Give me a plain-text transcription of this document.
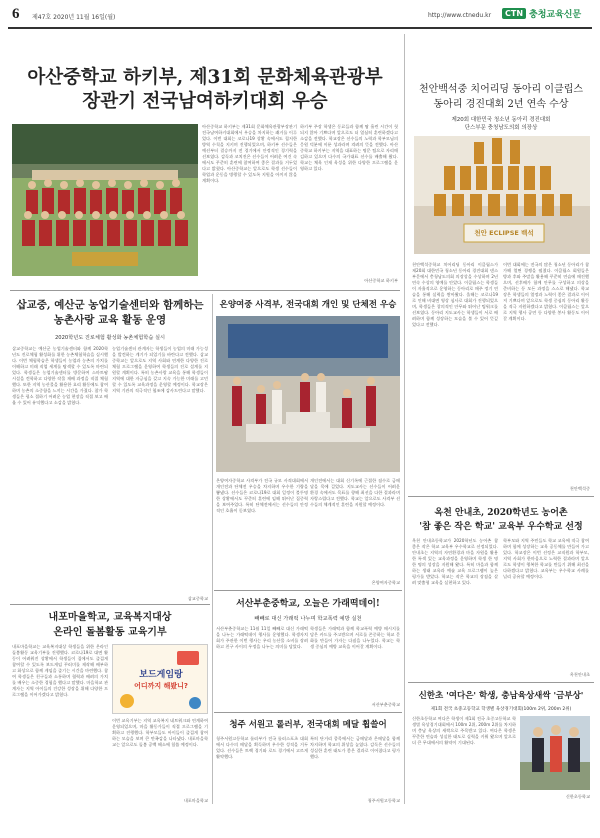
6 제47호 2020년 11월 16일(월)	http://www.ctnedu.kr	CTN 충청교육신문
아산중학교 하키부, 제31회 문화체육관광부
장관기 전국남여하키대회 우승
아산중학교 하키부는 제31회 문화체육관광부장관기 전국남여하키대회에서 우승을 차지하는 쾌거를 이루었다. 이번 대회는 코로나19 상황 속에서도 철저한 방역 수칙을 지키며 진행되었으며, 하키부 선수들은 예선부터 결승까지 전 경기에서 안정적인 경기력을 선보였다. 감독과 코치진은 선수들이 어려운 여건 속에서도 꾸준히 훈련에 참여하여 좋은 결과를 거두었다고 밝혔다. 아산중학교는 앞으로도 학생 선수들이 학업과 운동을 병행할 수 있도록 지원을 아끼지 않을 계획이다.
하키부 주장 학생은 동료들과 함께 땀 흘린 시간이 헛되지 않아 기쁘다며 앞으로도 더 열심히 훈련하겠다고 소감을 전했다. 학교장은 선수들의 노력과 학부모님의 응원 덕분에 이룬 성과라며 격려의 뜻을 전했다. 아산중학교 하키부는 지역을 대표하는 명문 팀으로 자리매김하고 있으며 다수의 국가대표 선수를 배출해 왔다. 학교는 체육 인재 육성을 위한 다양한 프로그램을 운영하고 있다.
아산중학교 하키부
천안백석중 치어리딩 동아리 이클립스
동아리 경진대회 2년 연속 수상
제20회 대한민국 청소년 동아리 경진대회
단스부문 충청남도의회 의장상
천안 ECLIPSE 백석
천안백석중학교 치어리딩 동아리 이클립스가 제20회 대한민국 청소년 동아리 경진대회 댄스부문에서 충청남도의회 의장상을 수상하며 2년 연속 수상의 영예를 안았다. 이클립스는 학생들이 자율적으로 운영하는 동아리로 매주 정기 연습을 통해 실력을 쌓아왔다. 올해는 코로나19로 인해 비대면 영상 심사로 대회가 진행되었으며, 학생들은 창의적인 안무와 뛰어난 팀워크를 선보였다. 동아리 지도교사는 학생들이 서로 배려하며 함께 성장하는 모습을 볼 수 있어 뜻깊었다고 전했다.
이번 대회에는 전국의 많은 청소년 동아리가 참가해 열띤 경쟁을 펼쳤다. 이클립스 회원들은 방과 후와 주말을 활용해 꾸준히 연습에 매진했으며, 선후배가 함께 안무를 구성하고 의상을 준비하는 등 모든 과정을 스스로 해냈다. 학교장은 학생들의 열정과 노력이 좋은 결과로 이어져 기쁘다며 앞으로도 학생 중심의 동아리 활동을 적극 지원하겠다고 밝혔다. 이클립스는 앞으로 지역 행사 공연 등 다양한 봉사 활동도 이어갈 계획이다.
천안백석중
삽교중, 예산군 농업기술센터와 함께하는
농촌사랑 교육 활동 운영
2020학년도 진로체험 활성화 농촌체험학습 실시
삽교중학교는 예산군 농업기술센터와 함께 2020학년도 진로체험 활성화를 위한 농촌체험학습을 실시했다. 이번 체험학습은 학생들이 농업과 농촌의 가치를 이해하고 미래 직업 세계를 탐색할 수 있도록 마련되었다. 학생들은 농업기술센터를 방문하여 스마트팜 시설을 견학하고 다양한 작물 재배 과정을 직접 체험했다. 또한 지역 농산물을 활용한 요리 활동에도 참여하며 농촌의 소중함을 느끼는 시간을 가졌다. 참가 학생들은 평소 접하기 어려운 농업 현장을 직접 보고 배울 수 있어 유익했다고 소감을 밝혔다.
농업기술센터 관계자는 학생들이 농업의 미래 가능성을 발견하는 계기가 되었기를 바란다고 전했다. 삽교중학교는 앞으로도 지역 사회와 연계한 다양한 진로체험 프로그램을 운영하여 학생들의 진로 설계를 지원할 계획이다. 특히 농촌사랑 교육을 통해 학생들이 지역에 대한 자긍심을 갖고 지속 가능한 미래를 고민할 수 있도록 교육과정을 운영할 예정이다. 학교장은 지역 기관의 적극적인 협조에 감사드린다고 말했다.
삽교중학교
온양여중 사격부, 전국대회 개인 및 단체전 우승
온양여자중학교 사격부가 전국 규모 사격대회에서 개인전과 단체전 우승을 차지하며 우수한 기량을 뽐냈다. 선수들은 코로나19로 대회 일정이 불투명한 상황에서도 꾸준히 훈련에 임해 뛰어난 집중력을 보여주었다. 특히 단체전에서는 선수들의 안정적인 호흡이 돋보였다.
개인전에서는 대회 신기록에 근접한 점수로 금메달을 목에 걸었다. 지도교사는 선수들이 어려운 환경 속에서도 목표를 향해 최선을 다한 결과라며 자랑스럽다고 전했다. 학교는 앞으로도 사격부 선수들의 체계적인 훈련을 지원할 예정이다.
온양여자중학교
서산부춘중학교, 오늘은 가래떡데이!
빼빼로 대신 가래떡 나누며 학교폭력 예방 실천
서산부춘중학교는 11월 11일 빼빼로 대신 가래떡을 나누는 가래떡데이 행사를 운영했다. 학생자치회가 주관한 이번 행사는 우리 농산물 소비를 장려하고 친구 사이의 우정을 나누는 의미를 담았다.
학생들은 가래떡과 함께 학교폭력 예방 메시지를 담은 카드를 주고받으며 서로를 존중하는 학교 문화를 만들어 가자는 다짐을 나누었다. 학교는 학생 중심의 예방 교육을 이어갈 계획이다.
서산부춘중학교
내포마을학교, 교육복지대상
온라인 돌봄활동 교육기부
내포마을학교는 교육복지대상 학생들을 위한 온라인 돌봄활동 교육기부를 진행했다. 코로나19로 대면 활동이 어려워진 상황에서 학생들이 집에서도 즐겁게 참여할 수 있도록 보드게임 꾸러미를 제작해 배부하고 화상으로 함께 게임을 즐기는 시간을 마련했다. 참여 학생들은 친구들과 소통하며 협력과 배려의 가치를 배우는 소중한 경험을 했다고 말했다. 마을학교 관계자는 지역 아이들의 건강한 성장을 위해 다양한 프로그램을 이어가겠다고 밝혔다.
보드게임랑
어디까지 해봤니?
이번 교육기부는 지역 교육복지 네트워크와 연계하여 운영되었으며, 마을 활동가들이 직접 프로그램을 기획하고 진행했다. 학부모들도 아이들이 즐겁게 참여하는 모습을 보며 큰 만족감을 나타냈다. 내포마을학교는 앞으로도 돌봄 공백 해소에 힘쓸 예정이다.
내포마을학교
청주 서원고 롤러부, 전국대회 메달 휩쓸어
청주서원고등학교 롤러부가 전국 롤러스포츠 대회에서 다수의 메달을 획득하며 우수한 성적을 거두었다. 선수들은 트랙 경기와 로드 경기에서 고르게 활약했다.
특히 단거리 종목에서는 금메달과 은메달을 함께 차지하며 학교의 위상을 높였다. 감독은 선수들의 성실한 훈련 태도가 좋은 결과로 이어졌다고 평가했다.
청주서원고등학교
옥천 안내초, 2020학년도 농어촌
'참 좋은 작은 학교' 교육부 우수학교 선정
옥천 안내초등학교가 2020학년도 농어촌 참 좋은 작은 학교 교육부 우수학교로 선정되었다. 안내초는 지역의 자연환경과 마을 자원을 활용한 특색 있는 교육과정을 운영하며 학생 한 명 한 명의 성장을 지원해 왔다. 특히 마을과 함께하는 생태 교육과 예술 교육 프로그램이 높은 평가를 받았다. 학교는 작은 학교의 장점을 살려 맞춤형 교육을 실현하고 있다.
학부모와 지역 주민들도 학교 교육에 적극 참여하며 함께 성장하는 교육 공동체를 만들어 가고 있다. 학교장은 이번 선정은 교직원과 학부모, 지역 사회가 한마음으로 노력한 결과라며 앞으로도 학생이 행복한 학교를 만들기 위해 최선을 다하겠다고 밝혔다. 교육부는 우수학교 사례를 널리 공유할 예정이다.
옥천안내초
신한초 '여다은' 학생, 충남육상새싹 '금부상'
제1회 전국 초중고등학교 학생별 육상경기대회(100m 2위, 200m 2위)
신한초등학교 여다은 학생이 제1회 전국 초중고등학교 학생별 육상경기대회에서 100m 2위, 200m 2위를 차지하며 충남 육상의 새싹으로 주목받고 있다. 여다은 학생은 꾸준한 연습과 성실한 태도로 실력을 키워 왔으며 앞으로 더 큰 무대에서의 활약이 기대된다.
신한초등학교
